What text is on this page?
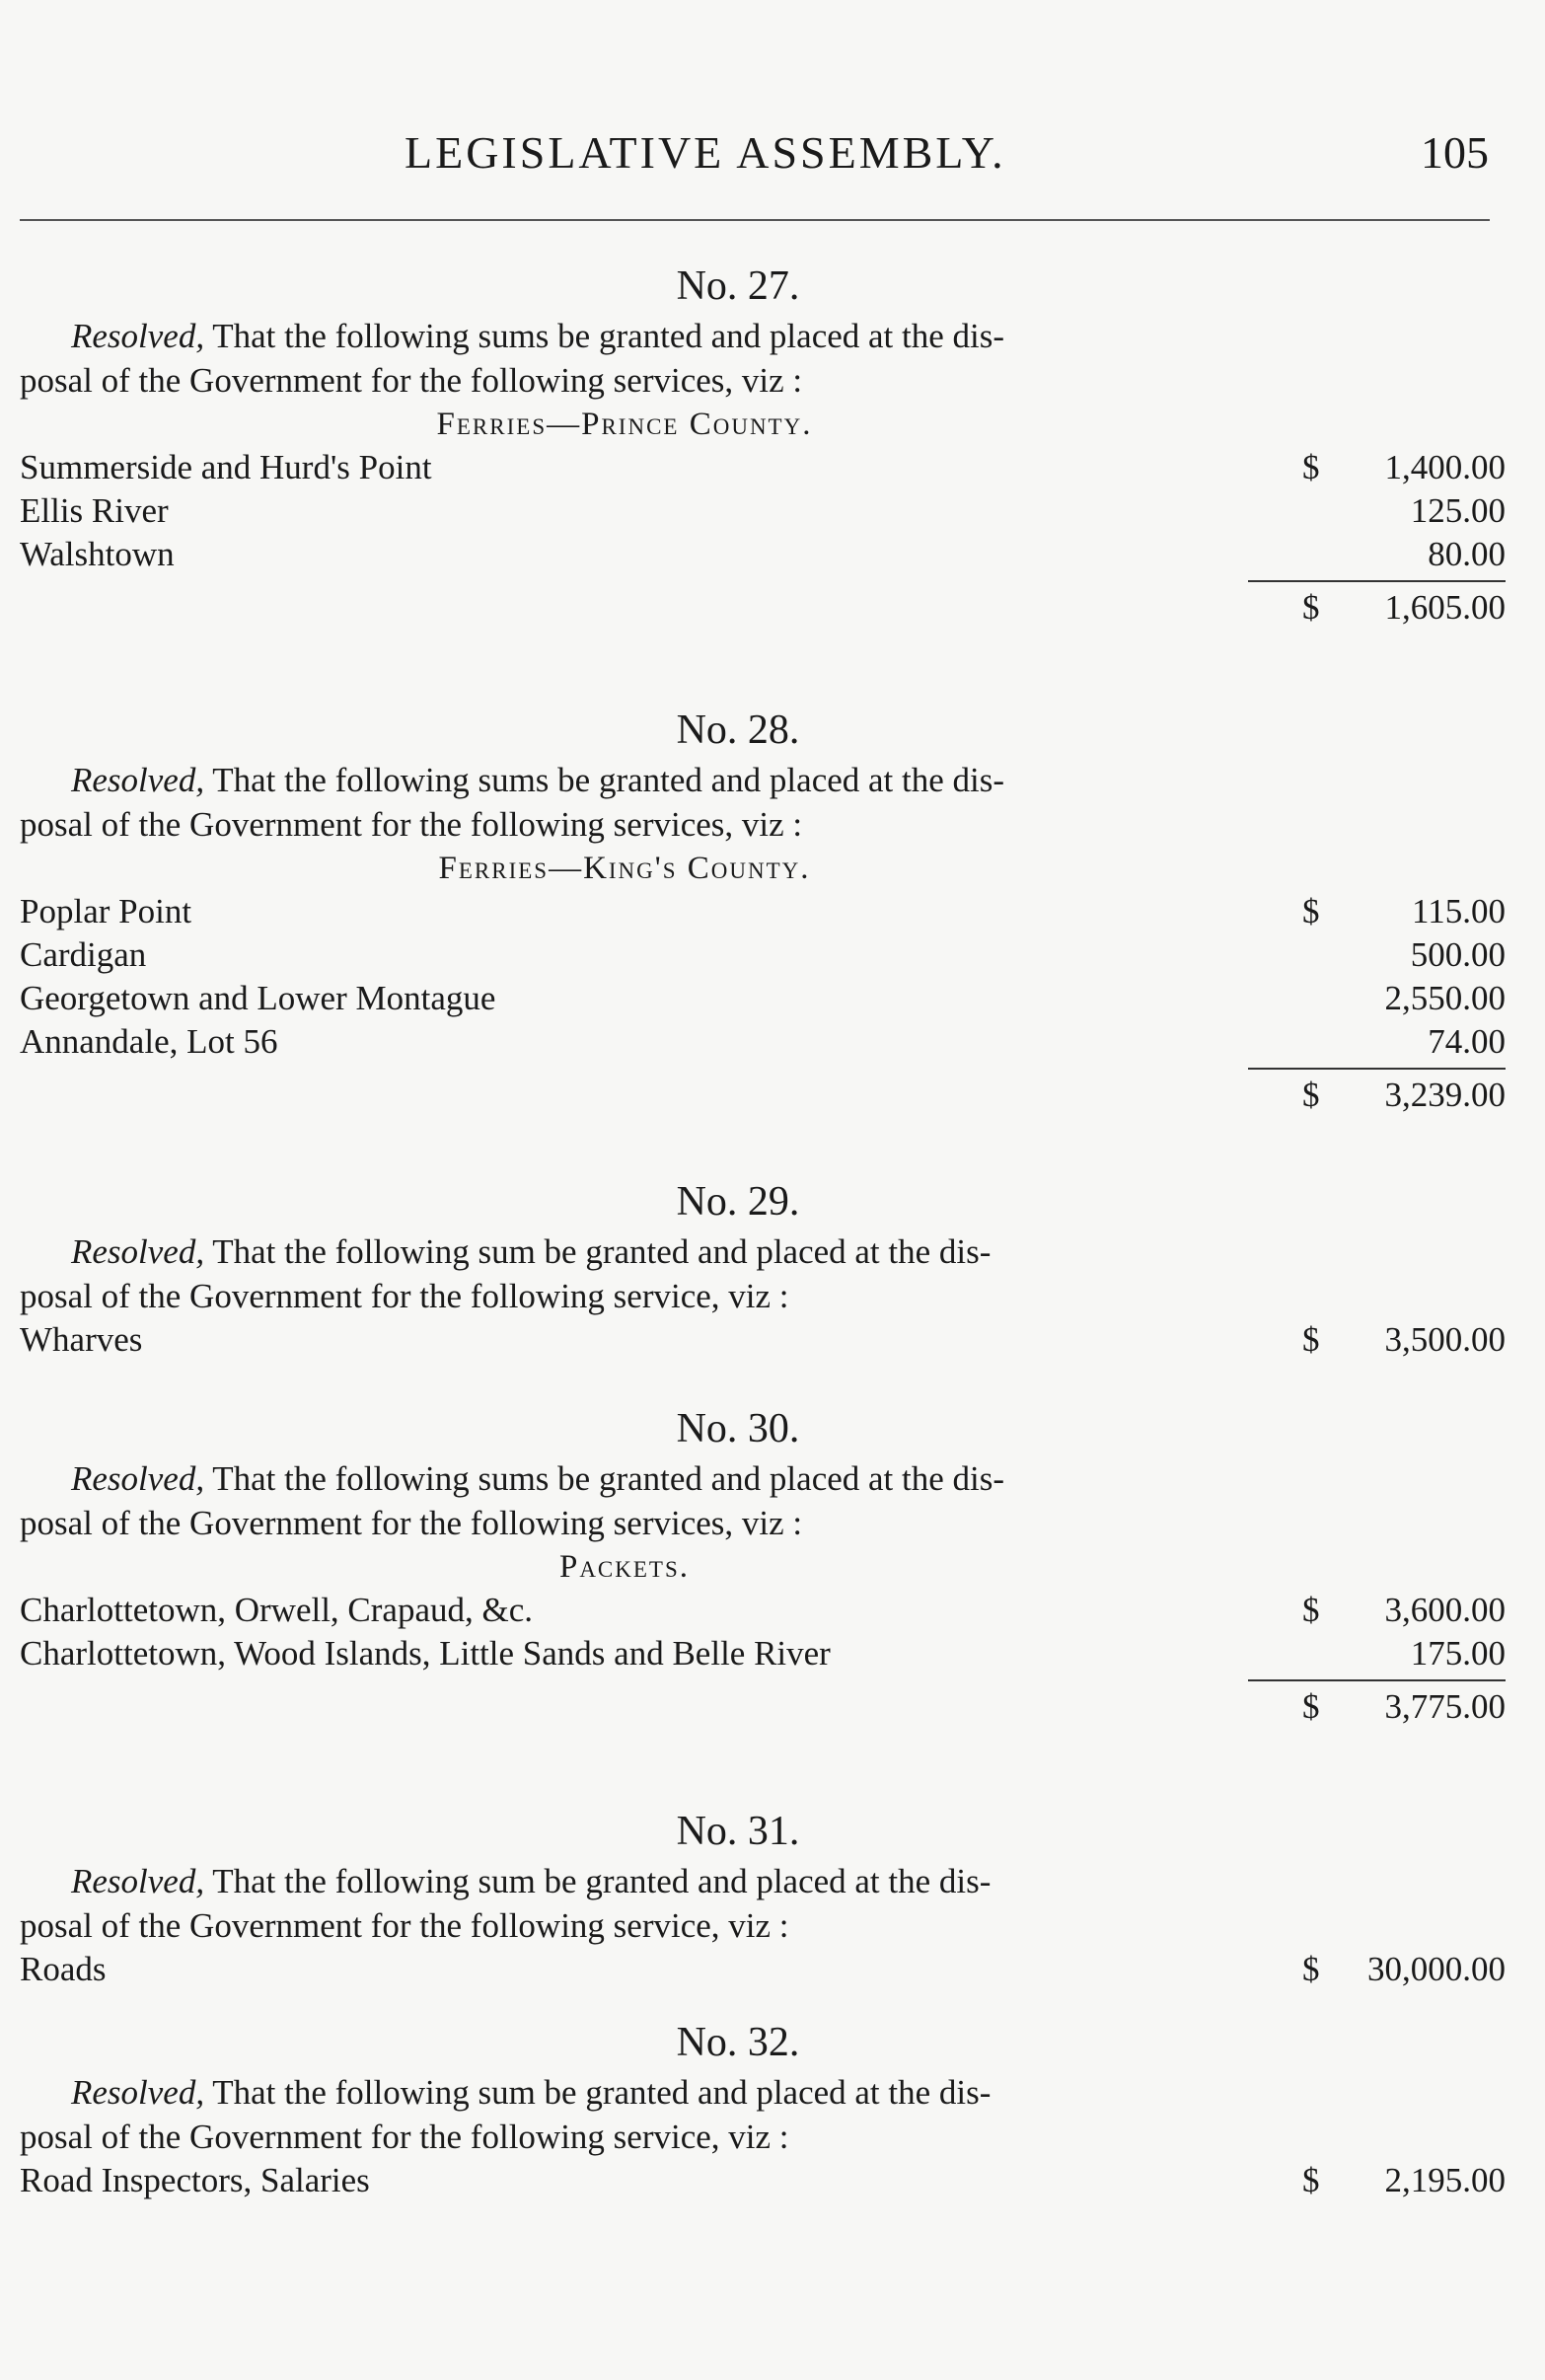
LEGISLATIVE ASSEMBLY.	105
No. 27.
Resolved, That the following sums be granted and placed at the dis-
posal of the Government for the following services, viz :
Ferries—Prince County.
Summerside and Hurd's Point	$ 1,400.00
Ellis River	125.00
Walshtown	80.00
$ 1,605.00
No. 28.
Resolved, That the following sums be granted and placed at the dis-
posal of the Government for the following services, viz :
Ferries—King's County.
Poplar Point	$	115.00
Cardigan	500.00
Georgetown and Lower Montague	2,550.00
Annandale, Lot 56	74.00
$ 3,239.00
No. 29.
Resolved, That the following sum be granted and placed at the dis-
posal of the Government for the following service, viz :
Wharves	$ 3,500.00
No. 30.
Resolved, That the following sums be granted and placed at the dis-
posal of the Government for the following services, viz :
Packets.
Charlottetown, Orwell, Crapaud, &c.	$ 3,600.00
Charlottetown, Wood Islands, Little Sands and Belle River	175.00
$ 3,775.00
No. 31.
Resolved, That the following sum be granted and placed at the dis-
posal of the Government for the following service, viz :
Roads	$ 30,000.00
No. 32.
Resolved, That the following sum be granted and placed at the dis-
posal of the Government for the following service, viz :
Road Inspectors, Salaries	$ 2,195.00
